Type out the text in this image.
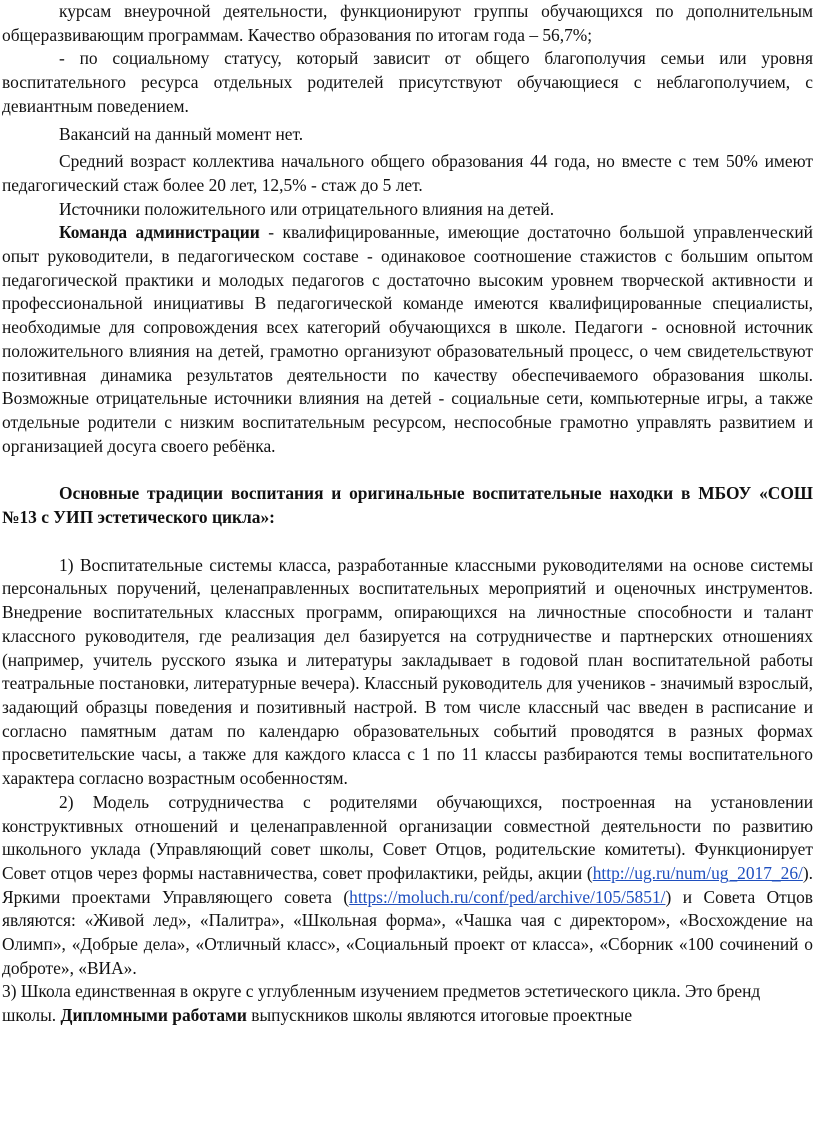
курсам внеурочной деятельности, функционируют группы обучающихся по дополнительным общеразвивающим программам. Качество образования по итогам года – 56,7%;

- по социальному статусу, который зависит от общего благополучия семьи или уровня воспитательного ресурса отдельных родителей присутствуют обучающиеся с неблагополучием, с девиантным поведением.

Вакансий на данный момент нет.

Средний возраст коллектива начального общего образования 44 года, но вместе с тем 50% имеют педагогический стаж более 20 лет, 12,5% - стаж до 5 лет.

Источники положительного или отрицательного влияния на детей.

Команда администрации - квалифицированные, имеющие достаточно большой управленческий опыт руководители, в педагогическом составе - одинаковое соотношение стажистов с большим опытом педагогической практики и молодых педагогов с достаточно высоким уровнем творческой активности и профессиональной инициативы В педагогической команде имеются квалифицированные специалисты, необходимые для сопровождения всех категорий обучающихся в школе. Педагоги - основной источник положительного влияния на детей, грамотно организуют образовательный процесс, о чем свидетельствуют позитивная динамика результатов деятельности по качеству обеспечиваемого образования школы. Возможные отрицательные источники влияния на детей - социальные сети, компьютерные игры, а также отдельные родители с низким воспитательным ресурсом, неспособные грамотно управлять развитием и организацией досуга своего ребёнка.

Основные традиции воспитания и оригинальные воспитательные находки в МБОУ «СОШ №13 с УИП эстетического цикла»:

1) Воспитательные системы класса, разработанные классными руководителями на основе системы персональных поручений, целенаправленных воспитательных мероприятий и оценочных инструментов. Внедрение воспитательных классных программ, опирающихся на личностные способности и талант классного руководителя, где реализация дел базируется на сотрудничестве и партнерских отношениях (например, учитель русского языка и литературы закладывает в годовой план воспитательной работы театральные постановки, литературные вечера). Классный руководитель для учеников - значимый взрослый, задающий образцы поведения и позитивный настрой. В том числе классный час введен в расписание и согласно памятным датам по календарю образовательных событий проводятся в разных формах просветительские часы, а также для каждого класса с 1 по 11 классы разбираются темы воспитательного характера согласно возрастным особенностям.

2) Модель сотрудничества с родителями обучающихся, построенная на установлении конструктивных отношений и целенаправленной организации совместной деятельности по развитию школьного уклада (Управляющий совет школы, Совет Отцов, родительские комитеты). Функционирует Совет отцов через формы наставничества, совет профилактики, рейды, акции (http://ug.ru/num/ug_2017_26/). Яркими проектами Управляющего совета (https://moluch.ru/conf/ped/archive/105/5851/) и Совета Отцов являются: «Живой лед», «Палитра», «Школьная форма», «Чашка чая с директором», «Восхождение на Олимп», «Добрые дела», «Отличный класс», «Социальный проект от класса», «Сборник «100 сочинений о доброте», «ВИА».

3) Школа единственная в округе с углубленным изучением предметов эстетического цикла. Это бренд школы. Дипломными работами выпускников школы являются итоговые проектные
